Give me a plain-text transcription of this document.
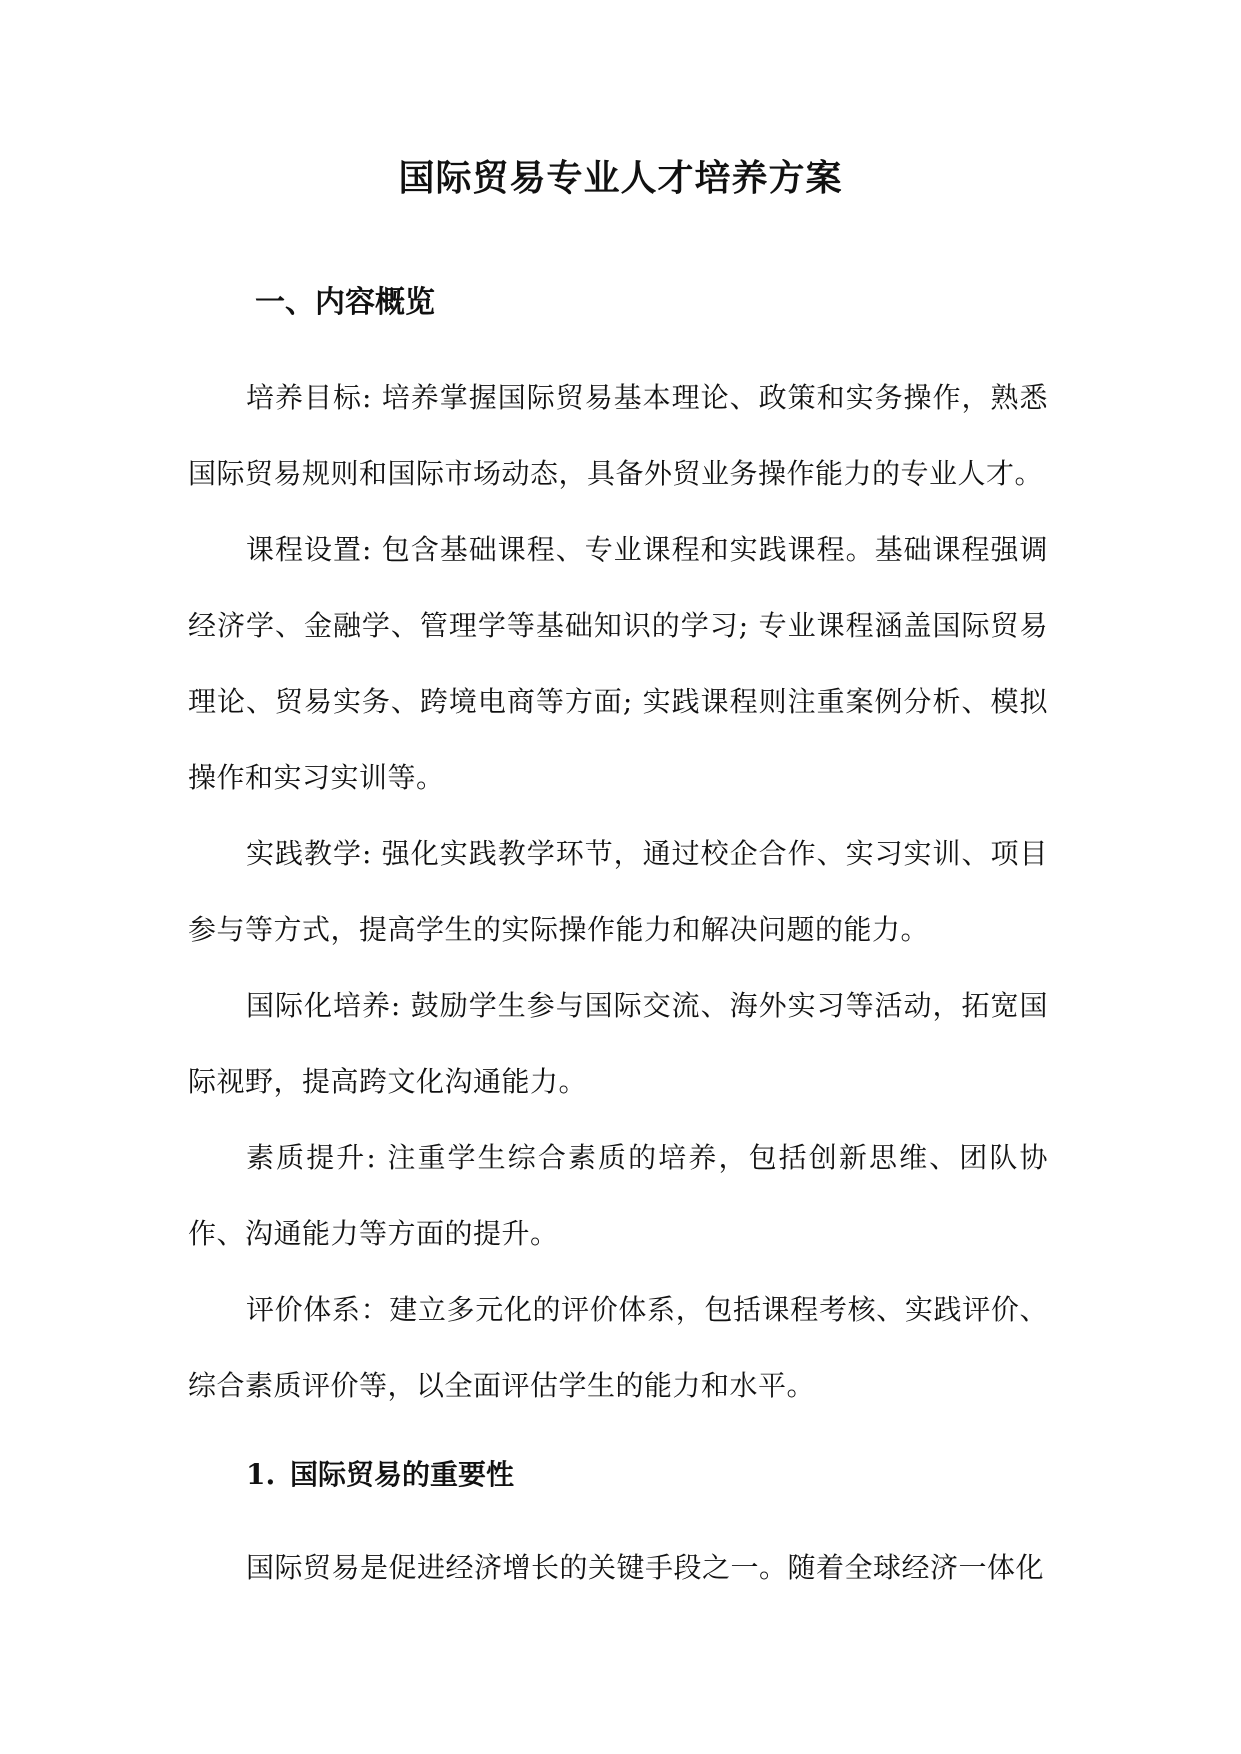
国际贸易专业人才培养方案
一、内容概览

培养目标: 培养掌握国际贸易基本理论、政策和实务操作，熟悉国际贸易规则和国际市场动态，具备外贸业务操作能力的专业人才。

课程设置: 包含基础课程、专业课程和实践课程。基础课程强调经济学、金融学、管理学等基础知识的学习; 专业课程涵盖国际贸易理论、贸易实务、跨境电商等方面; 实践课程则注重案例分析、模拟操作和实习实训等。

实践教学: 强化实践教学环节，通过校企合作、实习实训、项目参与等方式，提高学生的实际操作能力和解决问题的能力。

国际化培养: 鼓励学生参与国际交流、海外实习等活动，拓宽国际视野，提高跨文化沟通能力。

素质提升: 注重学生综合素质的培养，包括创新思维、团队协作、沟通能力等方面的提升。

评价体系：建立多元化的评价体系，包括课程考核、实践评价、综合素质评价等，以全面评估学生的能力和水平。

1. 国际贸易的重要性

国际贸易是促进经济增长的关键手段之一。随着全球经济一体化
